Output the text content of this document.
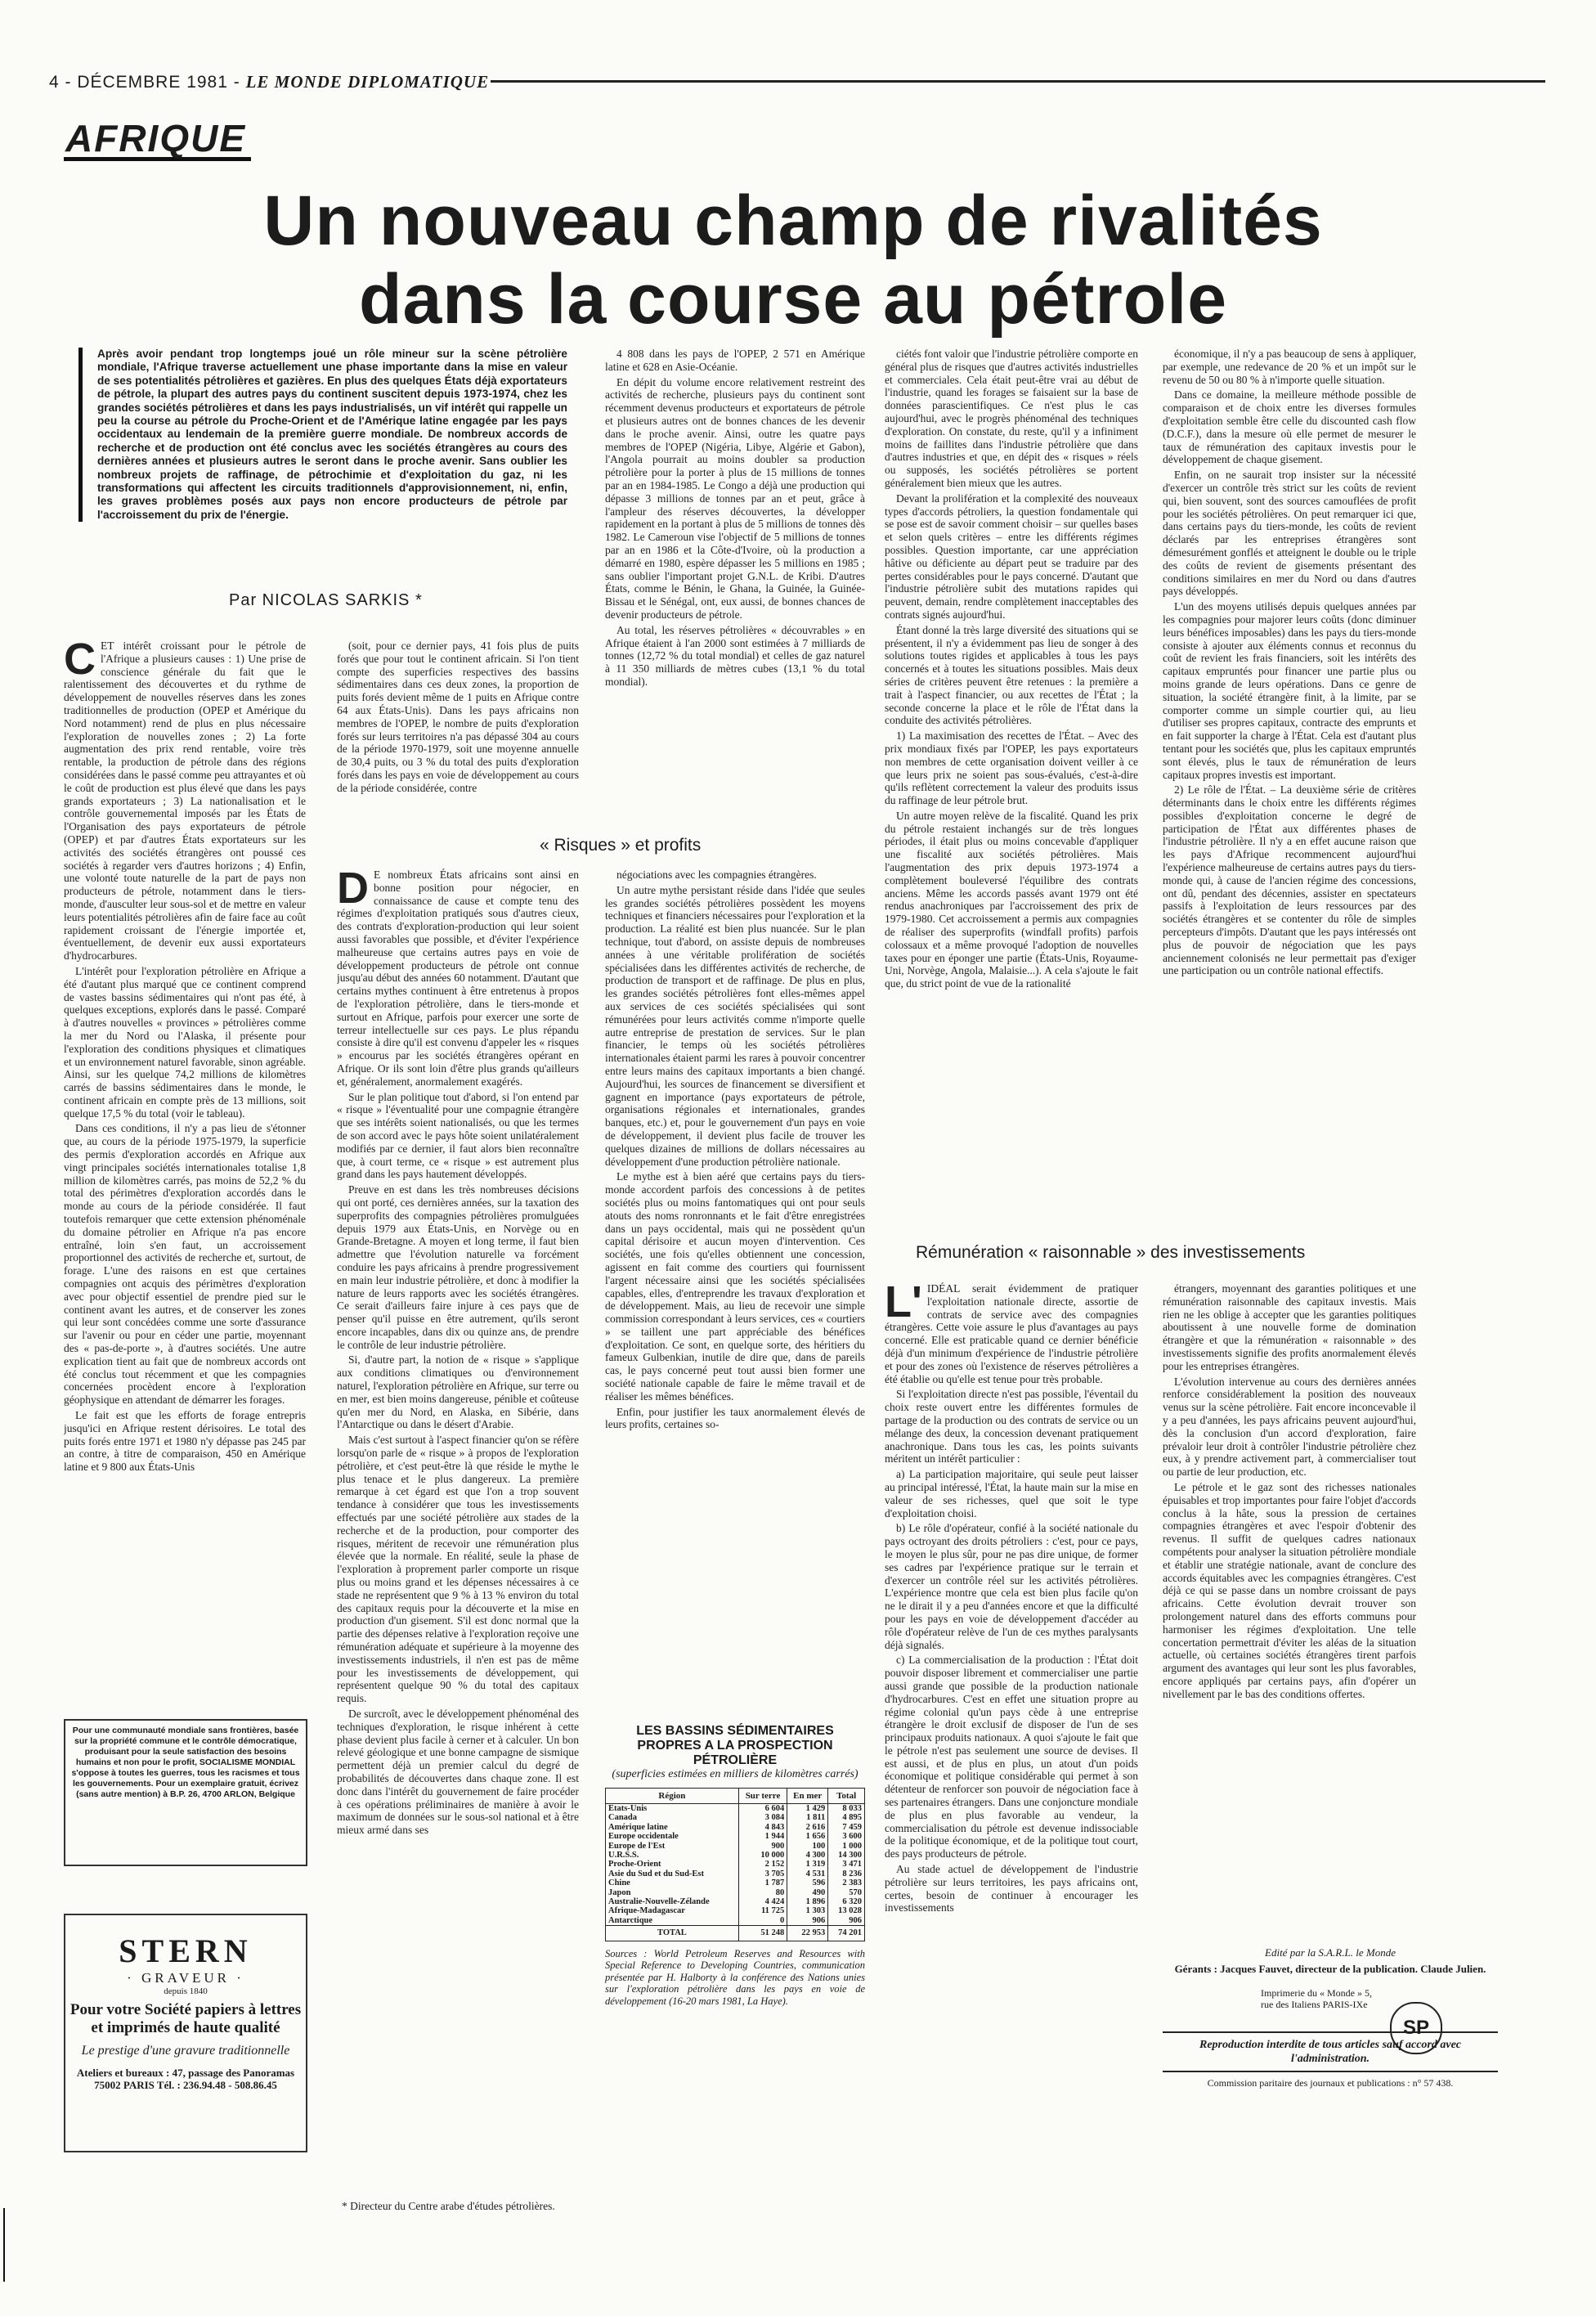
4 - DÉCEMBRE 1981 - LE MONDE DIPLOMATIQUE
AFRIQUE
Un nouveau champ de rivalités
dans la course au pétrole
Après avoir pendant trop longtemps joué un rôle mineur sur la scène pétrolière mondiale, l'Afrique traverse actuellement une phase importante dans la mise en valeur de ses potentialités pétrolières et gazières. En plus des quelques États déjà exportateurs de pétrole, la plupart des autres pays du continent suscitent depuis 1973-1974, chez les grandes sociétés pétrolières et dans les pays industrialisés, un vif intérêt qui rappelle un peu la course au pétrole du Proche-Orient et de l'Amérique latine engagée par les pays occidentaux au lendemain de la première guerre mondiale. De nombreux accords de recherche et de production ont été conclus avec les sociétés étrangères au cours des dernières années et plusieurs autres le seront dans le proche avenir. Sans oublier les nombreux projets de raffinage, de pétrochimie et d'exploitation du gaz, ni les transformations qui affectent les circuits traditionnels d'approvisionnement, ni, enfin, les graves problèmes posés aux pays non encore producteurs de pétrole par l'accroissement du prix de l'énergie.
Par NICOLAS SARKIS *

CET intérêt croissant pour le pétrole de l'Afrique a plusieurs causes : 1) Une prise de conscience générale du fait que le ralentissement des découvertes et du rythme de développement de nouvelles réserves dans les zones traditionnelles de production (OPEP et Amérique du Nord notamment) rend de plus en plus nécessaire l'exploration de nouvelles zones ; 2) La forte augmentation des prix rend rentable, voire très rentable, la production de pétrole dans des régions considérées dans le passé comme peu attrayantes et où le coût de production est plus élevé que dans les pays grands exportateurs ; 3) La nationalisation et le contrôle gouvernemental imposés par les États de l'Organisation des pays exportateurs de pétrole (OPEP) et par d'autres États exportateurs sur les activités des sociétés étrangères ont poussé ces sociétés à regarder vers d'autres horizons ; 4) Enfin, une volonté toute naturelle de la part de pays non producteurs de pétrole, notamment dans le tiers-monde, d'ausculter leur sous-sol et de mettre en valeur leurs potentialités pétrolières afin de faire face au coût rapidement croissant de l'énergie importée et, éventuellement, de devenir eux aussi exportateurs d'hydrocarbures.

L'intérêt pour l'exploration pétrolière en Afrique a été d'autant plus marqué que ce continent comprend de vastes bassins sédimentaires qui n'ont pas été, à quelques exceptions, explorés dans le passé. Comparé à d'autres nouvelles « provinces » pétrolières comme la mer du Nord ou l'Alaska, il présente pour l'exploration des conditions physiques et climatiques et un environnement naturel favorable, sinon agréable. Ainsi, sur les quelque 74,2 millions de kilomètres carrés de bassins sédimentaires dans le monde, le continent africain en compte près de 13 millions, soit quelque 17,5 % du total (voir le tableau).

Dans ces conditions, il n'y a pas lieu de s'étonner que, au cours de la période 1975-1979, la superficie des permis d'exploration accordés en Afrique aux vingt principales sociétés internationales totalise 1,8 million de kilomètres carrés, pas moins de 52,2 % du total des périmètres d'exploration accordés dans le monde au cours de la période considérée. Il faut toutefois remarquer que cette extension phénoménale du domaine pétrolier en Afrique n'a pas encore entraîné, loin s'en faut, un accroissement proportionnel des activités de recherche et, surtout, de forage. L'une des raisons en est que certaines compagnies ont acquis des périmètres d'exploration avec pour objectif essentiel de prendre pied sur le continent avant les autres, et de conserver les zones qui leur sont concédées comme une sorte d'assurance sur l'avenir ou pour en céder une partie, moyennant des « pas-de-porte », à d'autres sociétés. Une autre explication tient au fait que de nombreux accords ont été conclus tout récemment et que les compagnies concernées procèdent encore à l'exploration géophysique en attendant de démarrer les forages.

Le fait est que les efforts de forage entrepris jusqu'ici en Afrique restent dérisoires. Le total des puits forés entre 1971 et 1980 n'y dépasse pas 245 par an contre, à titre de comparaison, 450 en Amérique latine et 9 800 aux États-Unis

(soit, pour ce dernier pays, 41 fois plus de puits forés que pour tout le continent africain. Si l'on tient compte des superficies respectives des bassins sédimentaires dans ces deux zones, la proportion de puits forés devient même de 1 puits en Afrique contre 64 aux États-Unis). Dans les pays africains non membres de l'OPEP, le nombre de puits d'exploration forés sur leurs territoires n'a pas dépassé 304 au cours de la période 1970-1979, soit une moyenne annuelle de 30,4 puits, ou 3 % du total des puits d'exploration forés dans les pays en voie de développement au cours de la période considérée, contre

4 808 dans les pays de l'OPEP, 2 571 en Amérique latine et 628 en Asie-Océanie.

En dépit du volume encore relativement restreint des activités de recherche, plusieurs pays du continent sont récemment devenus producteurs et exportateurs de pétrole et plusieurs autres ont de bonnes chances de les devenir dans le proche avenir. Ainsi, outre les quatre pays membres de l'OPEP (Nigéria, Libye, Algérie et Gabon), l'Angola pourrait au moins doubler sa production pétrolière pour la porter à plus de 15 millions de tonnes par an en 1984-1985. Le Congo a déjà une production qui dépasse 3 millions de tonnes par an et peut, grâce à l'ampleur des réserves découvertes, la développer rapidement en la portant à plus de 5 millions de tonnes dès 1982. Le Cameroun vise l'objectif de 5 millions de tonnes par an en 1986 et la Côte-d'Ivoire, où la production a démarré en 1980, espère dépasser les 5 millions en 1985 ; sans oublier l'important projet G.N.L. de Kribi. D'autres États, comme le Bénin, le Ghana, la Guinée, la Guinée-Bissau et le Sénégal, ont, eux aussi, de bonnes chances de devenir producteurs de pétrole.

Au total, les réserves pétrolières « découvrables » en Afrique étaient à l'an 2000 sont estimées à 7 milliards de tonnes (12,72 % du total mondial) et celles de gaz naturel à 11 350 milliards de mètres cubes (13,1 % du total mondial).

ciétés font valoir que l'industrie pétrolière comporte en général plus de risques que d'autres activités industrielles et commerciales. Cela était peut-être vrai au début de l'industrie, quand les forages se faisaient sur la base de données parascientifiques. Ce n'est plus le cas aujourd'hui, avec le progrès phénoménal des techniques d'exploration. On constate, du reste, qu'il y a infiniment moins de faillites dans l'industrie pétrolière que dans d'autres industries et que, en dépit des « risques » réels ou supposés, les sociétés pétrolières se portent généralement bien mieux que les autres.

Devant la prolifération et la complexité des nouveaux types d'accords pétroliers, la question fondamentale qui se pose est de savoir comment choisir – sur quelles bases et selon quels critères – entre les différents régimes possibles. Question importante, car une appréciation hâtive ou déficiente au départ peut se traduire par des pertes considérables pour le pays concerné. D'autant que l'industrie pétrolière subit des mutations rapides qui peuvent, demain, rendre complètement inacceptables des contrats signés aujourd'hui.

Étant donné la très large diversité des situations qui se présentent, il n'y a évidemment pas lieu de songer à des solutions toutes rigides et applicables à tous les pays concernés et à toutes les situations possibles. Mais deux séries de critères peuvent être retenues : la première a trait à l'aspect financier, ou aux recettes de l'État ; la seconde concerne la place et le rôle de l'État dans la conduite des activités pétrolières.

1) La maximisation des recettes de l'État. – Avec des prix mondiaux fixés par l'OPEP, les pays exportateurs non membres de cette organisation doivent veiller à ce que leurs prix ne soient pas sous-évalués, c'est-à-dire qu'ils reflètent correctement la valeur des produits issus du raffinage de leur pétrole brut.

Un autre moyen relève de la fiscalité. Quand les prix du pétrole restaient inchangés sur de très longues périodes, il était plus ou moins concevable d'appliquer une fiscalité aux sociétés pétrolières. Mais l'augmentation des prix depuis 1973-1974 a complètement bouleversé l'équilibre des contrats anciens. Même les accords passés avant 1979 ont été rendus anachroniques par l'accroissement des prix de 1979-1980. Cet accroissement a permis aux compagnies de réaliser des superprofits (windfall profits) parfois colossaux et a même provoqué l'adoption de nouvelles taxes pour en éponger une partie (États-Unis, Royaume-Uni, Norvège, Angola, Malaisie...). A cela s'ajoute le fait que, du strict point de vue de la rationalité

économique, il n'y a pas beaucoup de sens à appliquer, par exemple, une redevance de 20 % et un impôt sur le revenu de 50 ou 80 % à n'importe quelle situation.

Dans ce domaine, la meilleure méthode possible de comparaison et de choix entre les diverses formules d'exploitation semble être celle du discounted cash flow (D.C.F.), dans la mesure où elle permet de mesurer le taux de rémunération des capitaux investis pour le développement de chaque gisement.

Enfin, on ne saurait trop insister sur la nécessité d'exercer un contrôle très strict sur les coûts de revient qui, bien souvent, sont des sources camouflées de profit pour les sociétés pétrolières. On peut remarquer ici que, dans certains pays du tiers-monde, les coûts de revient déclarés par les entreprises étrangères sont démesurément gonflés et atteignent le double ou le triple des coûts de revient de gisements présentant des conditions similaires en mer du Nord ou dans d'autres pays développés.

L'un des moyens utilisés depuis quelques années par les compagnies pour majorer leurs coûts (donc diminuer leurs bénéfices imposables) dans les pays du tiers-monde consiste à ajouter aux éléments connus et reconnus du coût de revient les frais financiers, soit les intérêts des capitaux empruntés pour financer une partie plus ou moins grande de leurs opérations. Dans ce genre de situation, la société étrangère finit, à la limite, par se comporter comme un simple courtier qui, au lieu d'utiliser ses propres capitaux, contracte des emprunts et en fait supporter la charge à l'État. Cela est d'autant plus tentant pour les sociétés que, plus les capitaux empruntés sont élevés, plus le taux de rémunération de leurs capitaux propres investis est important.

2) Le rôle de l'État. – La deuxième série de critères déterminants dans le choix entre les différents régimes possibles d'exploitation concerne le degré de participation de l'État aux différentes phases de l'industrie pétrolière. Il n'y a en effet aucune raison que les pays d'Afrique recommencent aujourd'hui l'expérience malheureuse de certains autres pays du tiers-monde qui, à cause de l'ancien régime des concessions, ont dû, pendant des décennies, assister en spectateurs passifs à l'exploitation de leurs ressources par des sociétés étrangères et se contenter du rôle de simples percepteurs d'impôts. D'autant que les pays intéressés ont plus de pouvoir de négociation que les pays anciennement colonisés ne leur permettait pas d'exiger une participation ou un contrôle national effectifs.

« Risques » et profits

D E nombreux États africains sont ainsi en bonne position pour négocier, en connaissance de cause et compte tenu des régimes d'exploitation pratiqués sous d'autres cieux, des contrats d'exploration-production qui leur soient aussi favorables que possible, et d'éviter l'expérience malheureuse que certains autres pays en voie de développement producteurs de pétrole ont connue jusqu'au début des années 60 notamment. D'autant que certains mythes continuent à être entretenus à propos de l'exploration pétrolière, dans le tiers-monde et surtout en Afrique, parfois pour exercer une sorte de terreur intellectuelle sur ces pays. Le plus répandu consiste à dire qu'il est convenu d'appeler les « risques » encourus par les sociétés étrangères opérant en Afrique. Or ils sont loin d'être plus grands qu'ailleurs et, généralement, anormalement exagérés.

Sur le plan politique tout d'abord, si l'on entend par « risque » l'éventualité pour une compagnie étrangère que ses intérêts soient nationalisés, ou que les termes de son accord avec le pays hôte soient unilatéralement modifiés par ce dernier, il faut alors bien reconnaître que, à court terme, ce « risque » est autrement plus grand dans les pays hautement développés.

Preuve en est dans les très nombreuses décisions qui ont porté, ces dernières années, sur la taxation des superprofits des compagnies pétrolières promulguées depuis 1979 aux États-Unis, en Norvège ou en Grande-Bretagne. A moyen et long terme, il faut bien admettre que l'évolution naturelle va forcément conduire les pays africains à prendre progressivement en main leur industrie pétrolière, et donc à modifier la nature de leurs rapports avec les sociétés étrangères. Ce serait d'ailleurs faire injure à ces pays que de penser qu'il puisse en être autrement, qu'ils seront encore incapables, dans dix ou quinze ans, de prendre le contrôle de leur industrie pétrolière.

Si, d'autre part, la notion de « risque » s'applique aux conditions climatiques ou d'environnement naturel, l'exploration pétrolière en Afrique, sur terre ou en mer, est bien moins dangereuse, pénible et coûteuse qu'en mer du Nord, en Alaska, en Sibérie, dans l'Antarctique ou dans le désert d'Arabie.

Mais c'est surtout à l'aspect financier qu'on se réfère lorsqu'on parle de « risque » à propos de l'exploration pétrolière, et c'est peut-être là que réside le mythe le plus tenace et le plus dangereux. La première remarque à cet égard est que l'on a trop souvent tendance à considérer que tous les investissements effectués par une société pétrolière aux stades de la recherche et de la production, pour comporter des risques, méritent de recevoir une rémunération plus élevée que la normale. En réalité, seule la phase de l'exploration à proprement parler comporte un risque plus ou moins grand et les dépenses nécessaires à ce stade ne représentent que 9 % à 13 % environ du total des capitaux requis pour la découverte et la mise en production d'un gisement. S'il est donc normal que la partie des dépenses relative à l'exploration reçoive une rémunération adéquate et supérieure à la moyenne des investissements industriels, il n'en est pas de même pour les investissements de développement, qui représentent quelque 90 % du total des capitaux requis.

De surcroît, avec le développement phénoménal des techniques d'exploration, le risque inhérent à cette phase devient plus facile à cerner et à calculer. Un bon relevé géologique et une bonne campagne de sismique permettent déjà un premier calcul du degré de probabilités de découvertes dans chaque zone. Il est donc dans l'intérêt du gouvernement de faire procéder à ces opérations préliminaires de manière à avoir le maximum de données sur le sous-sol national et à être mieux armé dans ses

négociations avec les compagnies étrangères.

Un autre mythe persistant réside dans l'idée que seules les grandes sociétés pétrolières possèdent les moyens techniques et financiers nécessaires pour l'exploration et la production. La réalité est bien plus nuancée. Sur le plan technique, tout d'abord, on assiste depuis de nombreuses années à une véritable prolifération de sociétés spécialisées dans les différentes activités de recherche, de production de transport et de raffinage. De plus en plus, les grandes sociétés pétrolières font elles-mêmes appel aux services de ces sociétés spécialisées qui sont rémunérées pour leurs activités comme n'importe quelle autre entreprise de prestation de services. Sur le plan financier, le temps où les sociétés pétrolières internationales étaient parmi les rares à pouvoir concentrer entre leurs mains des capitaux importants a bien changé. Aujourd'hui, les sources de financement se diversifient et gagnent en importance (pays exportateurs de pétrole, organisations régionales et internationales, grandes banques, etc.) et, pour le gouvernement d'un pays en voie de développement, il devient plus facile de trouver les quelques dizaines de millions de dollars nécessaires au développement d'une production pétrolière nationale.

Le mythe est à bien aéré que certains pays du tiers-monde accordent parfois des concessions à de petites sociétés plus ou moins fantomatiques qui ont pour seuls atouts des noms ronronnants et le fait d'être enregistrées dans un pays occidental, mais qui ne possèdent qu'un capital dérisoire et aucun moyen d'intervention. Ces sociétés, une fois qu'elles obtiennent une concession, agissent en fait comme des courtiers qui fournissent l'argent nécessaire ainsi que les sociétés spécialisées capables, elles, d'entreprendre les travaux d'exploration et de développement. Mais, au lieu de recevoir une simple commission correspondant à leurs services, ces « courtiers » se taillent une part appréciable des bénéfices d'exploitation. Ce sont, en quelque sorte, des héritiers du fameux Gulbenkian, inutile de dire que, dans de pareils cas, le pays concerné peut tout aussi bien former une société nationale capable de faire le même travail et de réaliser les mêmes bénéfices.

Enfin, pour justifier les taux anormalement élevés de leurs profits, certaines so-

Rémunération « raisonnable » des investissements

L' IDÉAL serait évidemment de pratiquer l'exploitation nationale directe, assortie de contrats de service avec des compagnies étrangères. Cette voie assure le plus d'avantages au pays concerné. Elle est praticable quand ce dernier bénéficie déjà d'un minimum d'expérience de l'industrie pétrolière et pour des zones où l'existence de réserves pétrolières a été établie ou qu'elle est tenue pour très probable.

Si l'exploitation directe n'est pas possible, l'éventail du choix reste ouvert entre les différentes formules de partage de la production ou des contrats de service ou un mélange des deux, la concession devenant pratiquement anachronique. Dans tous les cas, les points suivants méritent un intérêt particulier :

a) La participation majoritaire, qui seule peut laisser au principal intéressé, l'État, la haute main sur la mise en valeur de ses richesses, quel que soit le type d'exploitation choisi.

b) Le rôle d'opérateur, confié à la société nationale du pays octroyant des droits pétroliers : c'est, pour ce pays, le moyen le plus sûr, pour ne pas dire unique, de former ses cadres par l'expérience pratique sur le terrain et d'exercer un contrôle réel sur les activités pétrolières. L'expérience montre que cela est bien plus facile qu'on ne le dirait il y a peu d'années encore et que la difficulté pour les pays en voie de développement d'accéder au rôle d'opérateur relève de l'un de ces mythes paralysants déjà signalés.

c) La commercialisation de la production : l'État doit pouvoir disposer librement et commercialiser une partie aussi grande que possible de la production nationale d'hydrocarbures. C'est en effet une situation propre au régime colonial qu'un pays cède à une entreprise étrangère le droit exclusif de disposer de l'un de ses principaux produits nationaux. A quoi s'ajoute le fait que le pétrole n'est pas seulement une source de devises. Il est aussi, et de plus en plus, un atout d'un poids économique et politique considérable qui permet à son détenteur de renforcer son pouvoir de négociation face à ses partenaires étrangers. Dans une conjoncture mondiale de plus en plus favorable au vendeur, la commercialisation du pétrole est devenue indissociable de la politique économique, et de la politique tout court, des pays producteurs de pétrole.

Au stade actuel de développement de l'industrie pétrolière sur leurs territoires, les pays africains ont, certes, besoin de continuer à encourager les investissements

étrangers, moyennant des garanties politiques et une rémunération raisonnable des capitaux investis. Mais rien ne les oblige à accepter que les garanties politiques aboutissent à une nouvelle forme de domination étrangère et que la rémunération « raisonnable » des investissements signifie des profits anormalement élevés pour les entreprises étrangères.

L'évolution intervenue au cours des dernières années renforce considérablement la position des nouveaux venus sur la scène pétrolière. Fait encore inconcevable il y a peu d'années, les pays africains peuvent aujourd'hui, dès la conclusion d'un accord d'exploration, faire prévaloir leur droit à contrôler l'industrie pétrolière chez eux, à y prendre activement part, à commercialiser tout ou partie de leur production, etc.

Le pétrole et le gaz sont des richesses nationales épuisables et trop importantes pour faire l'objet d'accords conclus à la hâte, sous la pression de certaines compagnies étrangères et avec l'espoir d'obtenir des revenus. Il suffit de quelques cadres nationaux compétents pour analyser la situation pétrolière mondiale et établir une stratégie nationale, avant de conclure des accords équitables avec les compagnies étrangères. C'est déjà ce qui se passe dans un nombre croissant de pays africains. Cette évolution devrait trouver son prolongement naturel dans des efforts communs pour harmoniser les régimes d'exploitation. Une telle concertation permettrait d'éviter les aléas de la situation actuelle, où certaines sociétés étrangères tirent parfois argument des avantages qui leur sont les plus favorables, encore appliqués par certains pays, afin d'opérer un nivellement par le bas des conditions offertes.

* Directeur du Centre arabe d'études pétrolières.
Pour une communauté mondiale sans frontières, basée sur la propriété commune et le contrôle démocratique, produisant pour la seule satisfaction des besoins humains et non pour le profit, SOCIALISME MONDIAL s'oppose à toutes les guerres, tous les racismes et tous les gouvernements. Pour un exemplaire gratuit, écrivez (sans autre mention) à B.P. 26, 4700 ARLON, Belgique
STERN
· GRAVEUR ·
depuis 1840
Pour votre Société papiers à lettres et imprimés de haute qualité
Le prestige d'une gravure traditionnelle
Ateliers et bureaux : 47, passage des Panoramas 75002 PARIS Tél. : 236.94.48 - 508.86.45
LES BASSINS SÉDIMENTAIRES PROPRES A LA PROSPECTION PÉTROLIÈRE
(superficies estimées en milliers de kilomètres carrés)
Région	Sur terre	En mer	Total
Etats-Unis	6 604	1 429	8 033
Canada	3 084	1 811	4 895
Amérique latine	4 843	2 616	7 459
Europe occidentale	1 944	1 656	3 600
Europe de l'Est	900	100	1 000
U.R.S.S.	10 000	4 300	14 300
Proche-Orient	2 152	1 319	3 471
Asie du Sud et du Sud-Est	3 705	4 531	8 236
Chine	1 787	596	2 383
Japon	80	490	570
Australie-Nouvelle-Zélande	4 424	1 896	6 320
Afrique-Madagascar	11 725	1 303	13 028
Antarctique	0	906	906
TOTAL	51 248	22 953	74 201
Sources : World Petroleum Reserves and Resources with Special Reference to Developing Countries, communication présentée par H. Halborty à la conférence des Nations unies sur l'exploration pétrolière dans les pays en voie de développement (16-20 mars 1981, La Haye).
Edité par la S.A.R.L. le Monde
Gérants : Jacques Fauvet, directeur de la publication. Claude Julien.
Imprimerie du « Monde » 5, rue des Italiens PARIS-IXe
Reproduction interdite de tous articles sauf accord avec l'administration.
Commission paritaire des journaux et publications : n° 57 438.
SP
